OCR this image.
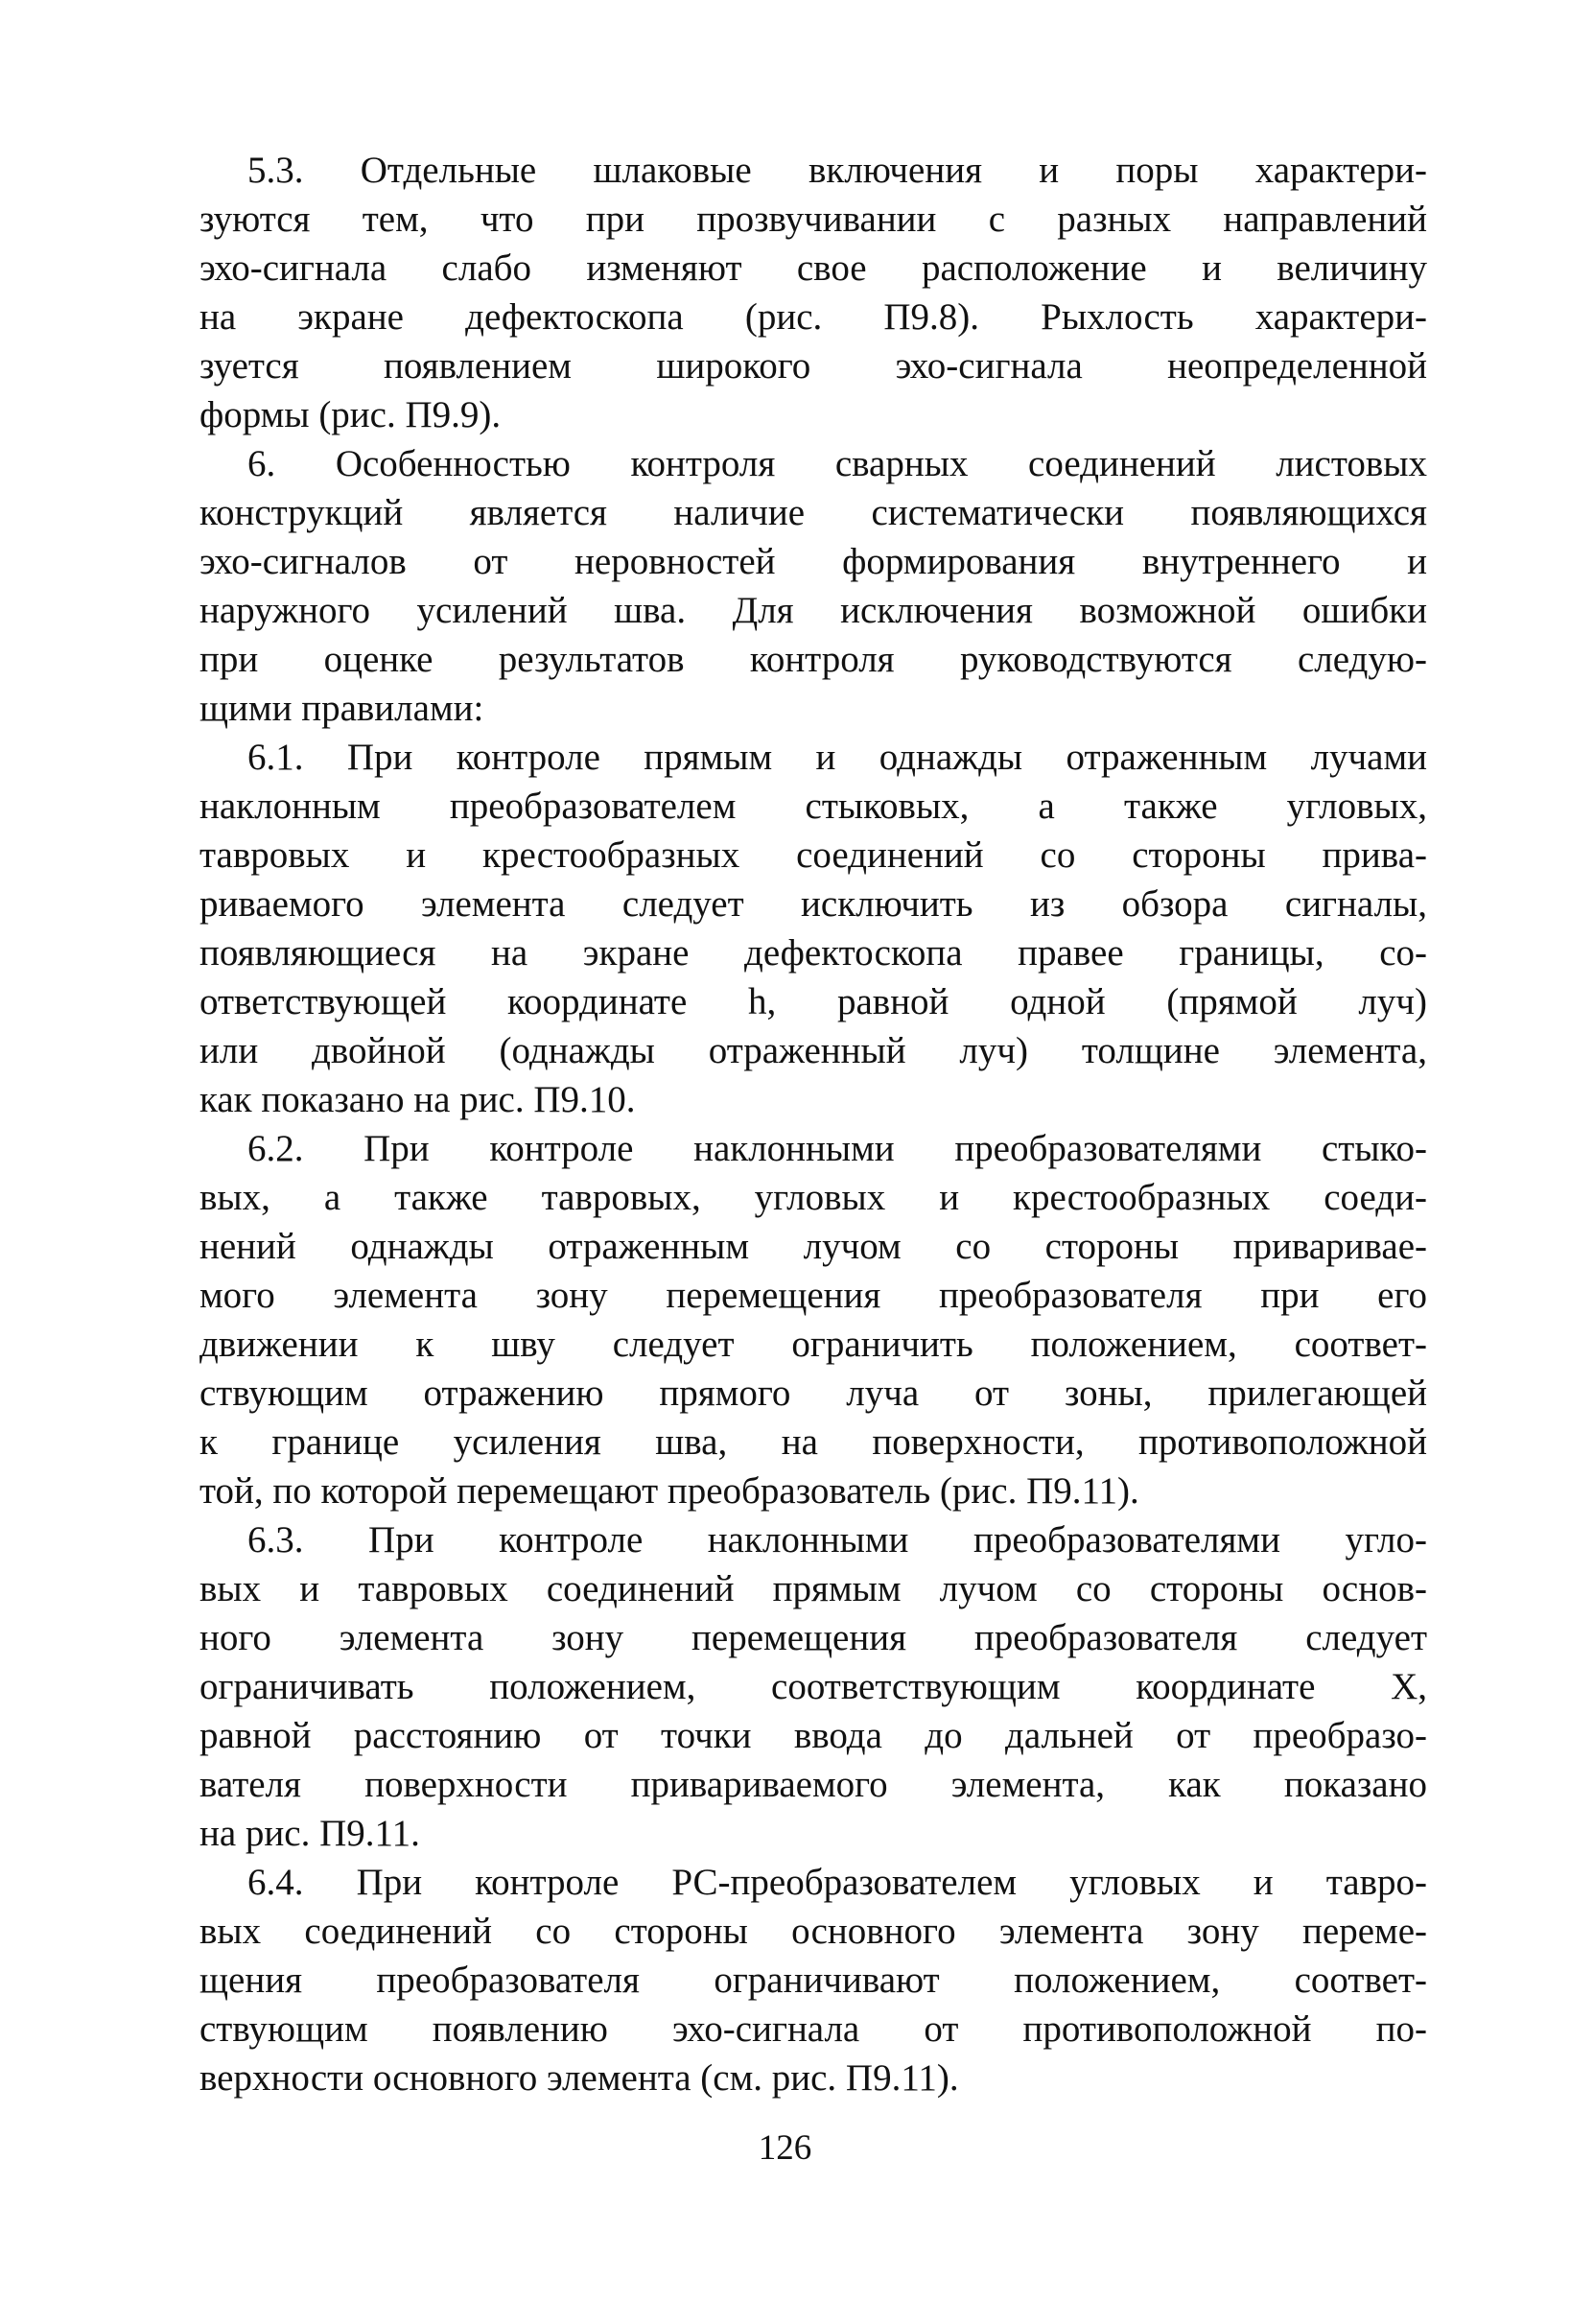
5.3. Отдельные шлаковые включения и поры характери-
зуются тем, что при прозвучивании с разных направлений
эхо-сигнала слабо изменяют свое расположение и величину
на экране дефектоскопа (рис. П9.8). Рыхлость характери-
зуется появлением широкого эхо-сигнала неопределенной
формы (рис. П9.9).

6. Особенностью контроля сварных соединений листовых
конструкций является наличие систематически появляющихся
эхо-сигналов от неровностей формирования внутреннего и
наружного усилений шва. Для исключения возможной ошибки
при оценке результатов контроля руководствуются следую-
щими правилами:

6.1. При контроле прямым и однажды отраженным лучами
наклонным преобразователем стыковых, а также угловых,
тавровых и крестообразных соединений со стороны прива-
риваемого элемента следует исключить из обзора сигналы,
появляющиеся на экране дефектоскопа правее границы, со-
ответствующей координате h, равной одной (прямой луч)
или двойной (однажды отраженный луч) толщине элемента,
как показано на рис. П9.10.

6.2. При контроле наклонными преобразователями стыко-
вых, а также тавровых, угловых и крестообразных соеди-
нений однажды отраженным лучом со стороны привариваe-
мого элемента зону перемещения преобразователя при его
движении к шву следует ограничить положением, соответ-
ствующим отражению прямого луча от зоны, прилегающей
к границе усиления шва, на поверхности, противоположной
той, по которой перемещают преобразователь (рис. П9.11).

6.3. При контроле наклонными преобразователями угло-
вых и тавровых соединений прямым лучом со стороны основ-
ного элемента зону перемещения преобразователя следует
ограничивать положением, соответствующим координате X,
равной расстоянию от точки ввода до дальней от преобразо-
вателя поверхности привариваемого элемента, как показано
на рис. П9.11.

6.4. При контроле РС-преобразователем угловых и тавро-
вых соединений со стороны основного элемента зону переме-
щения преобразователя ограничивают положением, соответ-
ствующим появлению эхо-сигнала от противоположной по-
верхности основного элемента (см. рис. П9.11).

126
